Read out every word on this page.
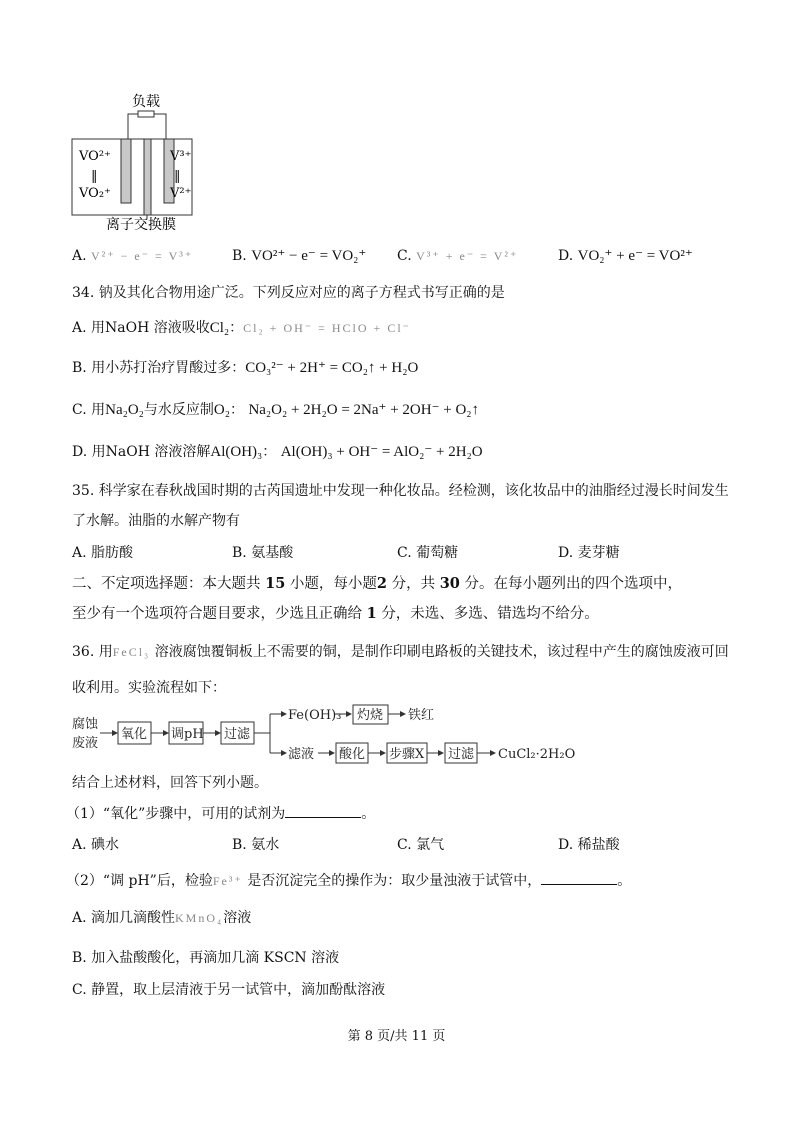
负载
VO²⁺
‖
VO₂⁺
V³⁺
‖
V²⁺
离子交换膜
A. V²⁺ − e⁻ = V³⁺	B. VO²⁺ − e⁻ = VO₂⁺ C. V³⁺ + e⁻ = V²⁺	D. VO₂⁺ + e⁻ = VO²⁺
34. 钠及其化合物用途广泛。下列反应对应的离子方程式书写正确的是
A. 用NaOH 溶液吸收Cl₂：Cl₂ + OH⁻ = HClO + Cl⁻
B. 用小苏打治疗胃酸过多：CO₃²⁻ + 2H⁺ = CO₂↑ + H₂O
C. 用Na₂O₂与水反应制O₂： Na₂O₂ + 2H₂O = 2Na⁺ + 2OH⁻ + O₂↑
D. 用NaOH 溶液溶解Al(OH)₃： Al(OH)₃ + OH⁻ = AlO₂⁻ + 2H₂O
35. 科学家在春秋战国时期的古芮国遗址中发现一种化妆品。经检测，该化妆品中的油脂经过漫长时间发生
了水解。油脂的水解产物有
A. 脂肪酸	B. 氨基酸	C. 葡萄糖	D. 麦芽糖
二、不定项选择题：本大题共 15 小题，每小题2 分，共 30 分。在每小题列出的四个选项中，
至少有一个选项符合题目要求，少选且正确给 1 分，未选、多选、错选均不给分。
36. 用FeCl₃ 溶液腐蚀覆铜板上不需要的铜，是制作印刷电路板的关键技术，该过程中产生的腐蚀废液可回
收利用。实验流程如下：
腐蚀
废液
氧化 调pH 过滤
Fe(OH)₃ 灼烧 铁红
滤液 酸化 步骤X 过滤 CuCl₂·2H₂O
结合上述材料，回答下列小题。
（1）“氧化”步骤中，可用的试剂为	。
A. 碘水	B. 氨水	C. 氯气	D. 稀盐酸
（2）“调 pH”后，检验Fe³⁺ 是否沉淀完全的操作为：取少量浊液于试管中，	。
A. 滴加几滴酸性KMnO₄溶液
B. 加入盐酸酸化，再滴加几滴 KSCN 溶液
C. 静置，取上层清液于另一试管中，滴加酚酞溶液
第 8 页/共 11 页
